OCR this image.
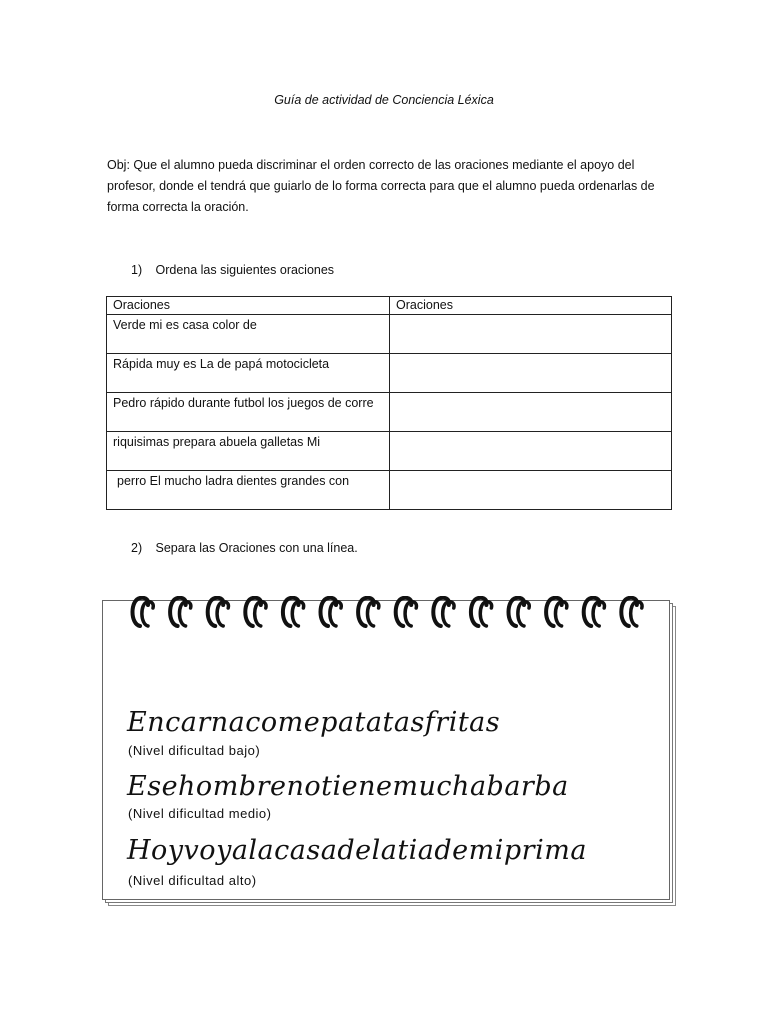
Guía de actividad de Conciencia Léxica
Obj: Que el alumno pueda discriminar el orden correcto de las oraciones mediante el apoyo del profesor, donde el tendrá que guiarlo de lo forma correcta para que el alumno pueda ordenarlas de forma correcta la oración.
1) Ordena las siguientes oraciones
Oraciones	Oraciones
Verde mi es casa color de	
Rápida muy es La de papá motocicleta	
Pedro rápido durante futbol los juegos de corre	
riquisimas prepara abuela galletas Mi	
perro El mucho ladra dientes grandes con	
2) Separa las Oraciones con una línea.
Encarnacomepatatasfritas
(Nivel dificultad bajo)
Esehombrenotienemuchabarba
(Nivel dificultad medio)
Hoyvoyalacasadelatiademiprima
(Nivel dificultad alto)
